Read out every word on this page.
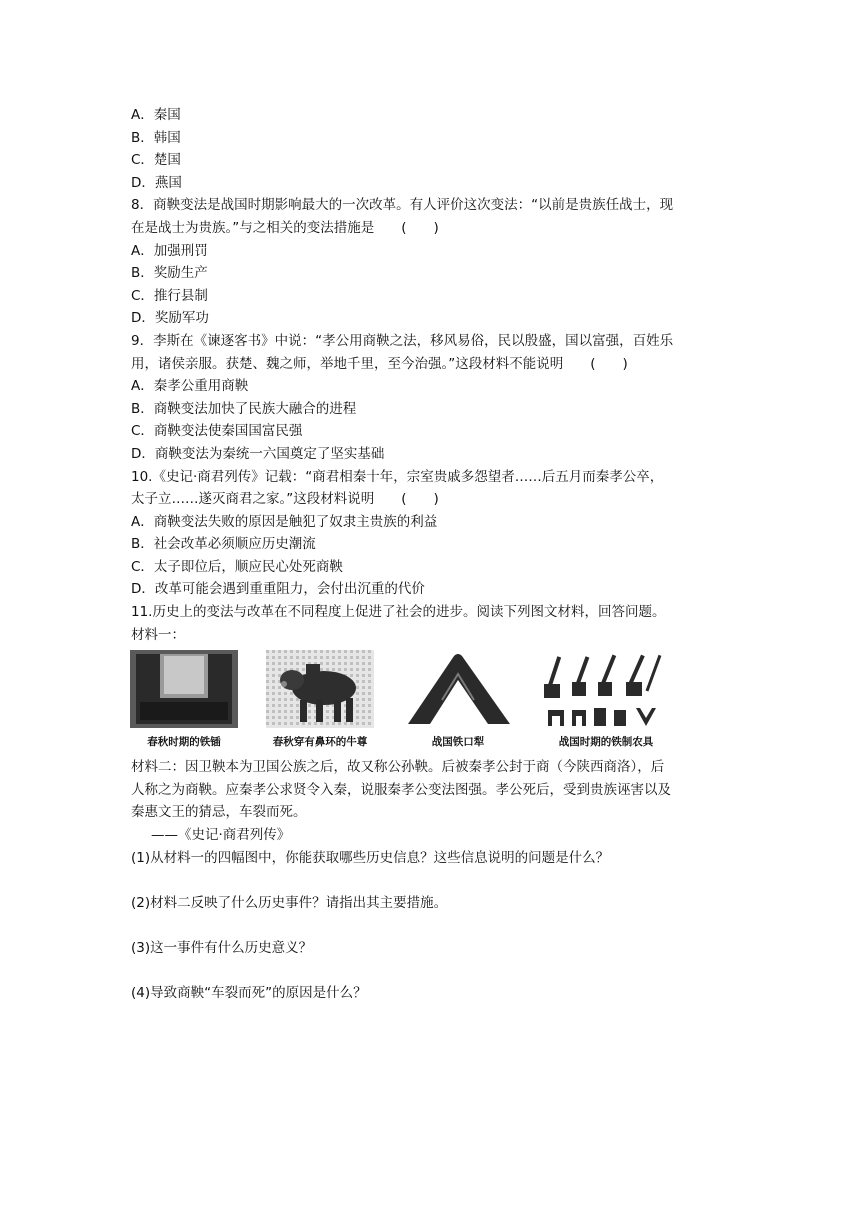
A．秦国
B．韩国
C．楚国
D．燕国
8．商鞅变法是战国时期影响最大的一次改革。有人评价这次变法：“以前是贵族任战士，现
在是战士为贵族。”与之相关的变法措施是　　(　　)
A．加强刑罚
B．奖励生产
C．推行县制
D．奖励军功
9．李斯在《谏逐客书》中说：“孝公用商鞅之法，移风易俗，民以殷盛，国以富强，百姓乐
用，诸侯亲服。获楚、魏之师，举地千里，至今治强。”这段材料不能说明　　(　　)
A．秦孝公重用商鞅
B．商鞅变法加快了民族大融合的进程
C．商鞅变法使秦国国富民强
D．商鞅变法为秦统一六国奠定了坚实基础
10.《史记·商君列传》记载：“商君相秦十年，宗室贵戚多怨望者……后五月而秦孝公卒，
太子立……遂灭商君之家。”这段材料说明　　(　　)
A．商鞅变法失败的原因是触犯了奴隶主贵族的利益
B．社会改革必须顺应历史潮流
C．太子即位后，顺应民心处死商鞅
D．改革可能会遇到重重阻力，会付出沉重的代价
11.历史上的变法与改革在不同程度上促进了社会的进步。阅读下列图文材料，回答问题。
材料一：
春秋时期的铁锸	春秋穿有鼻环的牛尊	战国铁口犁	战国时期的铁制农具
材料二：因卫鞅本为卫国公族之后，故又称公孙鞅。后被秦孝公封于商（今陕西商洛），后
人称之为商鞅。应秦孝公求贤令入秦，说服秦孝公变法图强。孝公死后，受到贵族诬害以及
秦惠文王的猜忌，车裂而死。
——《史记·商君列传》
(1)从材料一的四幅图中，你能获取哪些历史信息？这些信息说明的问题是什么？
(2)材料二反映了什么历史事件？请指出其主要措施。
(3)这一事件有什么历史意义？
(4)导致商鞅“车裂而死”的原因是什么？
